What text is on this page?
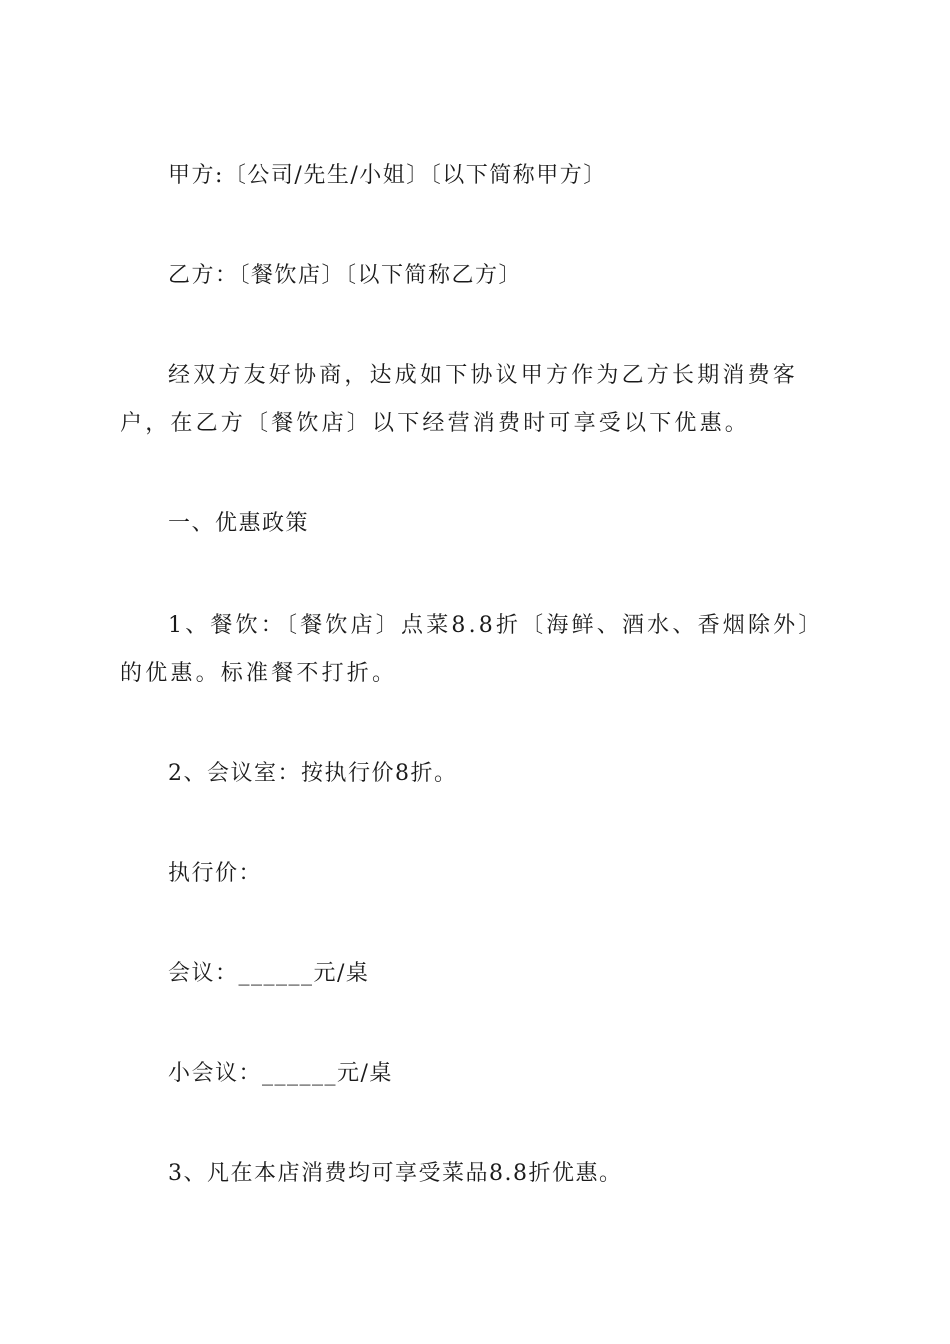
甲方:〔公司/先生/小姐〕〔以下简称甲方〕

乙方：〔餐饮店〕〔以下简称乙方〕

经双方友好协商，达成如下协议甲方作为乙方长期消费客户，在乙方〔餐饮店〕以下经营消费时可享受以下优惠。

一、优惠政策

1、餐饮：〔餐饮店〕点菜8.8折〔海鲜、酒水、香烟除外〕的优惠。标准餐不打折。

2、会议室：按执行价8折。

执行价：

会议：______元/桌

小会议：______元/桌

3、凡在本店消费均可享受菜品8.8折优惠。
